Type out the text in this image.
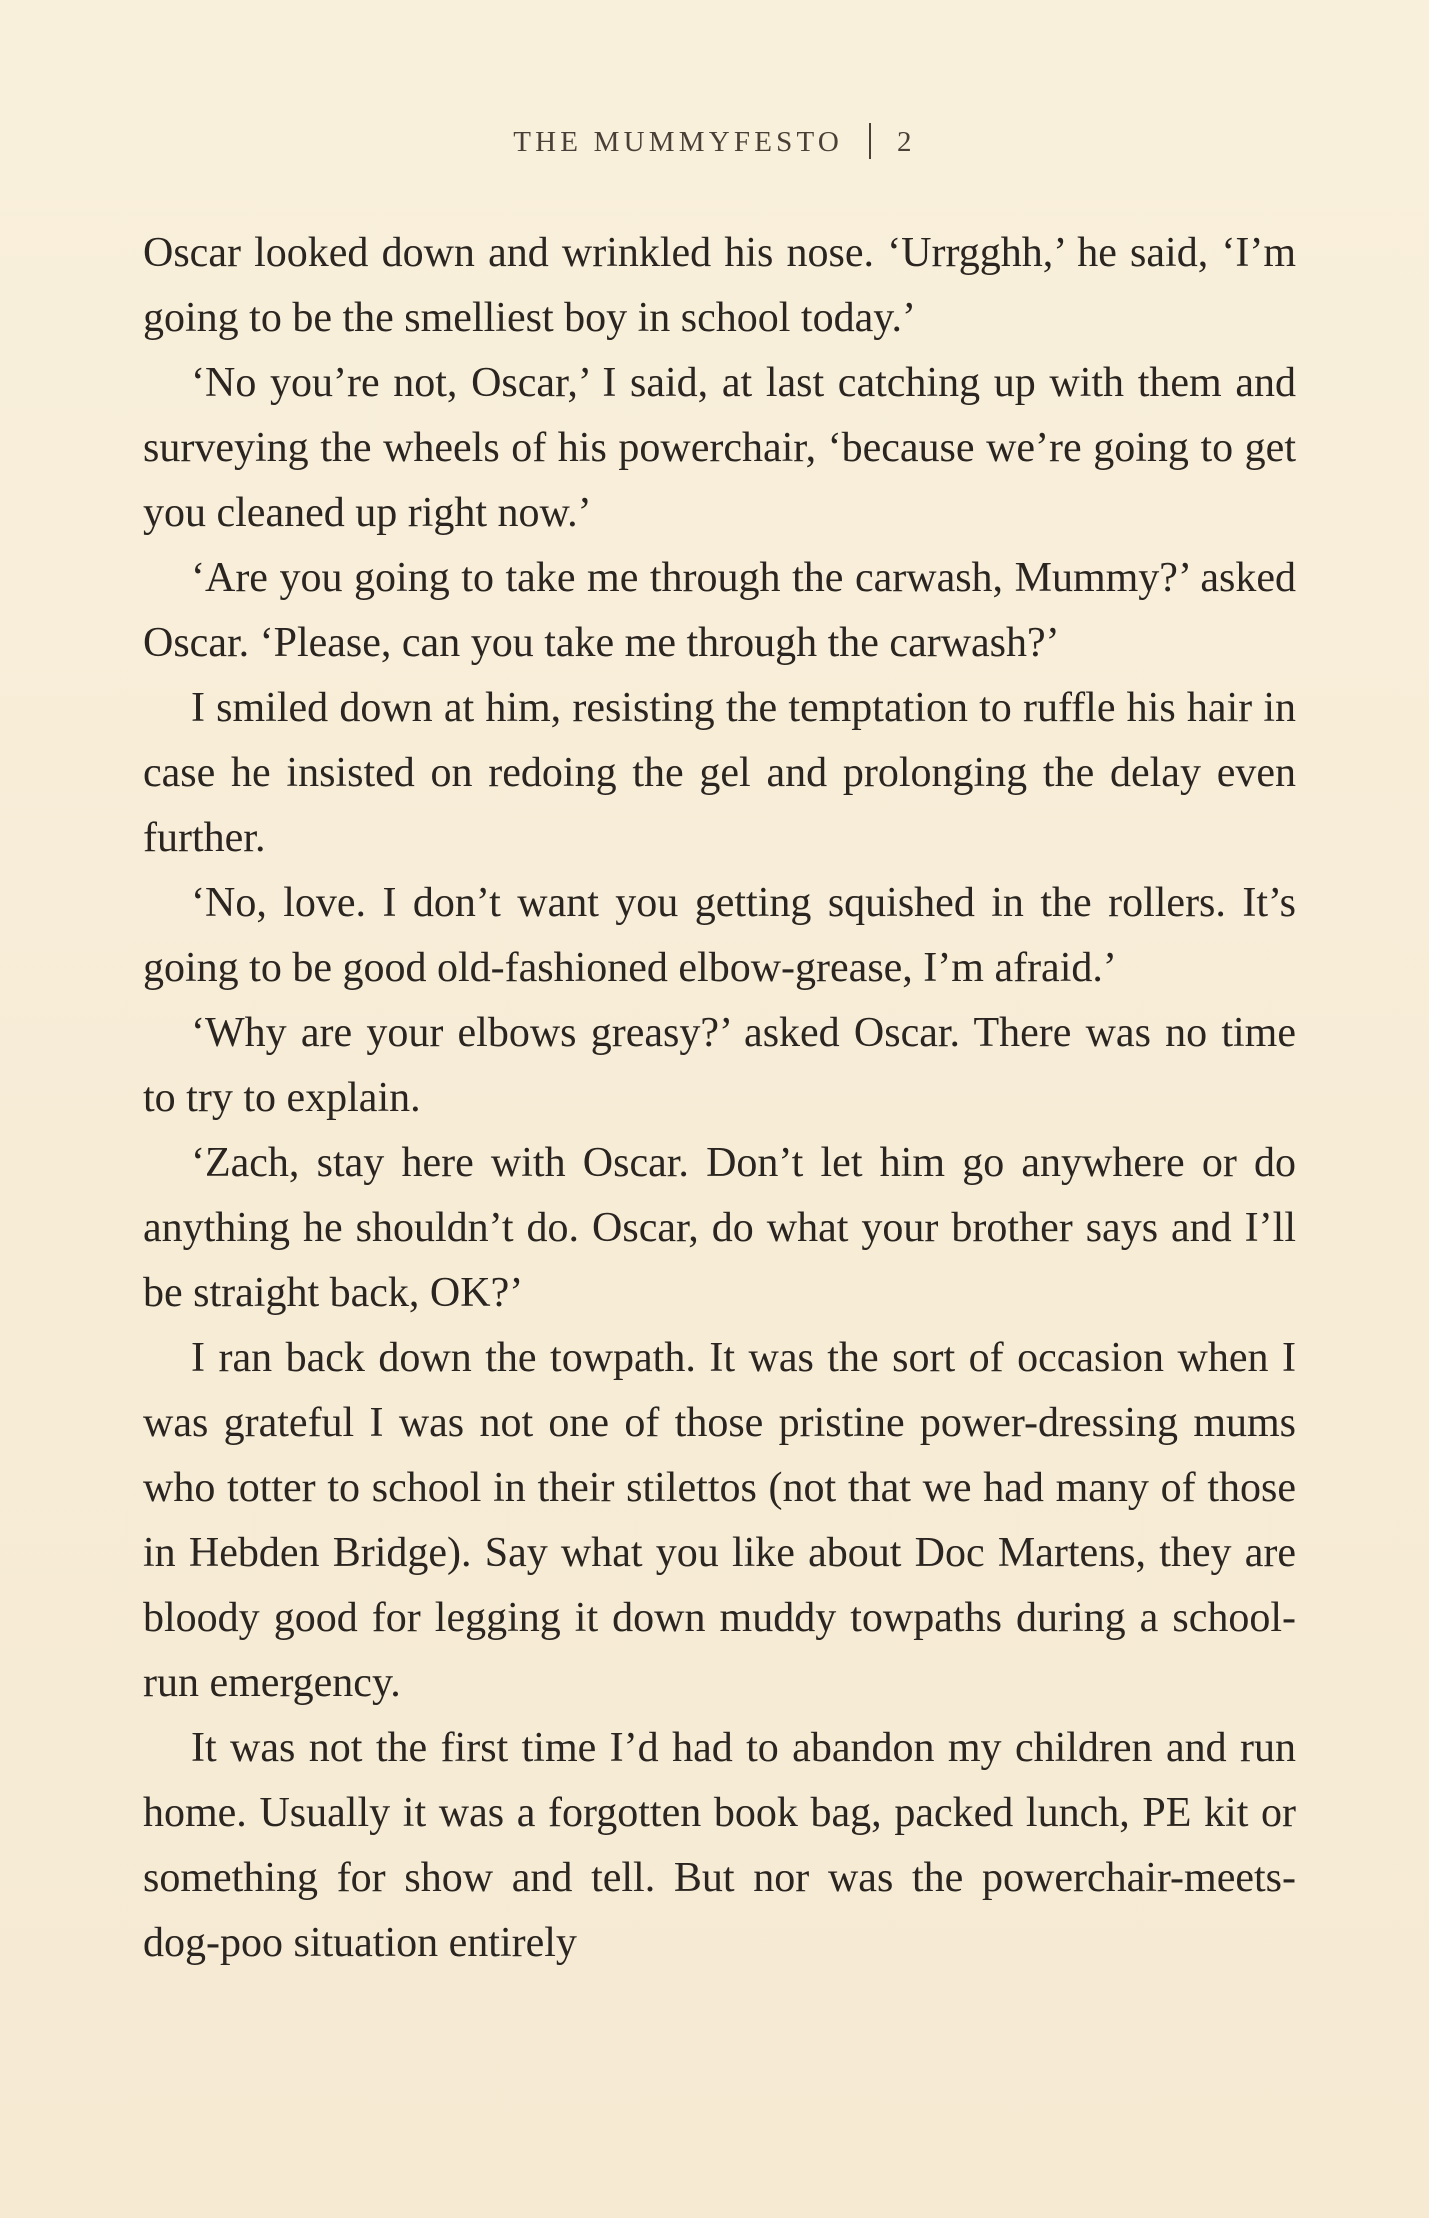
THE MUMMYFESTO 2

Oscar looked down and wrinkled his nose. ‘Urrgghh,’ he said, ‘I’m going to be the smelliest boy in school today.’

‘No you’re not, Oscar,’ I said, at last catching up with them and surveying the wheels of his powerchair, ‘because we’re going to get you cleaned up right now.’

‘Are you going to take me through the carwash, Mummy?’ asked Oscar. ‘Please, can you take me through the carwash?’

I smiled down at him, resisting the temptation to ruffle his hair in case he insisted on redoing the gel and prolonging the delay even further.

‘No, love. I don’t want you getting squished in the rollers. It’s going to be good old-fashioned elbow-grease, I’m afraid.’

‘Why are your elbows greasy?’ asked Oscar. There was no time to try to explain.

‘Zach, stay here with Oscar. Don’t let him go anywhere or do anything he shouldn’t do. Oscar, do what your brother says and I’ll be straight back, OK?’

I ran back down the towpath. It was the sort of occasion when I was grateful I was not one of those pristine power-dressing mums who totter to school in their stilettos (not that we had many of those in Hebden Bridge). Say what you like about Doc Martens, they are bloody good for legging it down muddy towpaths during a school-run emergency.

It was not the first time I’d had to abandon my children and run home. Usually it was a forgotten book bag, packed lunch, PE kit or something for show and tell. But nor was the powerchair-meets-dog-poo situation entirely
